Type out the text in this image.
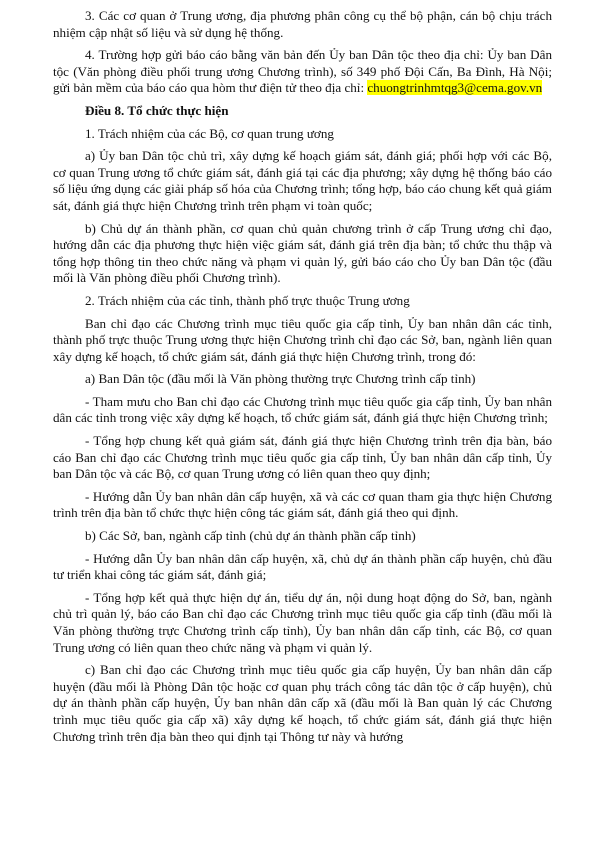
3. Các cơ quan ở Trung ương, địa phương phân công cụ thể bộ phận, cán bộ chịu trách nhiệm cập nhật số liệu và sử dụng hệ thống.

4. Trường hợp gửi báo cáo bằng văn bản đến Ủy ban Dân tộc theo địa chỉ: Ủy ban Dân tộc (Văn phòng điều phối trung ương Chương trình), số 349 phố Đội Cấn, Ba Đình, Hà Nội; gửi bản mềm của báo cáo qua hòm thư điện tử theo địa chỉ: chuongtrinhmtqg3@cema.gov.vn

Điều 8. Tổ chức thực hiện

1. Trách nhiệm của các Bộ, cơ quan trung ương

a) Ủy ban Dân tộc chủ trì, xây dựng kế hoạch giám sát, đánh giá; phối hợp với các Bộ, cơ quan Trung ương tổ chức giám sát, đánh giá tại các địa phương; xây dựng hệ thống báo cáo số liệu ứng dụng các giải pháp số hóa của Chương trình; tổng hợp, báo cáo chung kết quả giám sát, đánh giá thực hiện Chương trình trên phạm vi toàn quốc;

b) Chủ dự án thành phần, cơ quan chủ quản chương trình ở cấp Trung ương chỉ đạo, hướng dẫn các địa phương thực hiện việc giám sát, đánh giá trên địa bàn; tổ chức thu thập và tổng hợp thông tin theo chức năng và phạm vi quản lý, gửi báo cáo cho Ủy ban Dân tộc (đầu mối là Văn phòng điều phối Chương trình).

2. Trách nhiệm của các tỉnh, thành phố trực thuộc Trung ương

Ban chỉ đạo các Chương trình mục tiêu quốc gia cấp tỉnh, Ủy ban nhân dân các tỉnh, thành phố trực thuộc Trung ương thực hiện Chương trình chỉ đạo các Sở, ban, ngành liên quan xây dựng kế hoạch, tổ chức giám sát, đánh giá thực hiện Chương trình, trong đó:

a) Ban Dân tộc (đầu mối là Văn phòng thường trực Chương trình cấp tỉnh)

- Tham mưu cho Ban chỉ đạo các Chương trình mục tiêu quốc gia cấp tỉnh, Ủy ban nhân dân các tỉnh trong việc xây dựng kế hoạch, tổ chức giám sát, đánh giá thực hiện Chương trình;

- Tổng hợp chung kết quả giám sát, đánh giá thực hiện Chương trình trên địa bàn, báo cáo Ban chỉ đạo các Chương trình mục tiêu quốc gia cấp tỉnh, Ủy ban nhân dân cấp tỉnh, Ủy ban Dân tộc và các Bộ, cơ quan Trung ương có liên quan theo quy định;

- Hướng dẫn Ủy ban nhân dân cấp huyện, xã và các cơ quan tham gia thực hiện Chương trình trên địa bàn tổ chức thực hiện công tác giám sát, đánh giá theo qui định.

b) Các Sở, ban, ngành cấp tỉnh (chủ dự án thành phần cấp tỉnh)

- Hướng dẫn Ủy ban nhân dân cấp huyện, xã, chủ dự án thành phần cấp huyện, chủ đầu tư triển khai công tác giám sát, đánh giá;

- Tổng hợp kết quả thực hiện dự án, tiểu dự án, nội dung hoạt động do Sở, ban, ngành chủ trì quản lý, báo cáo Ban chỉ đạo các Chương trình mục tiêu quốc gia cấp tỉnh (đầu mối là Văn phòng thường trực Chương trình cấp tỉnh), Ủy ban nhân dân cấp tỉnh, các Bộ, cơ quan Trung ương có liên quan theo chức năng và phạm vi quản lý.

c) Ban chỉ đạo các Chương trình mục tiêu quốc gia cấp huyện, Ủy ban nhân dân cấp huyện (đầu mối là Phòng Dân tộc hoặc cơ quan phụ trách công tác dân tộc ở cấp huyện), chủ dự án thành phần cấp huyện, Ủy ban nhân dân cấp xã (đầu mối là Ban quản lý các Chương trình mục tiêu quốc gia cấp xã) xây dựng kế hoạch, tổ chức giám sát, đánh giá thực hiện Chương trình trên địa bàn theo qui định tại Thông tư này và hướng
